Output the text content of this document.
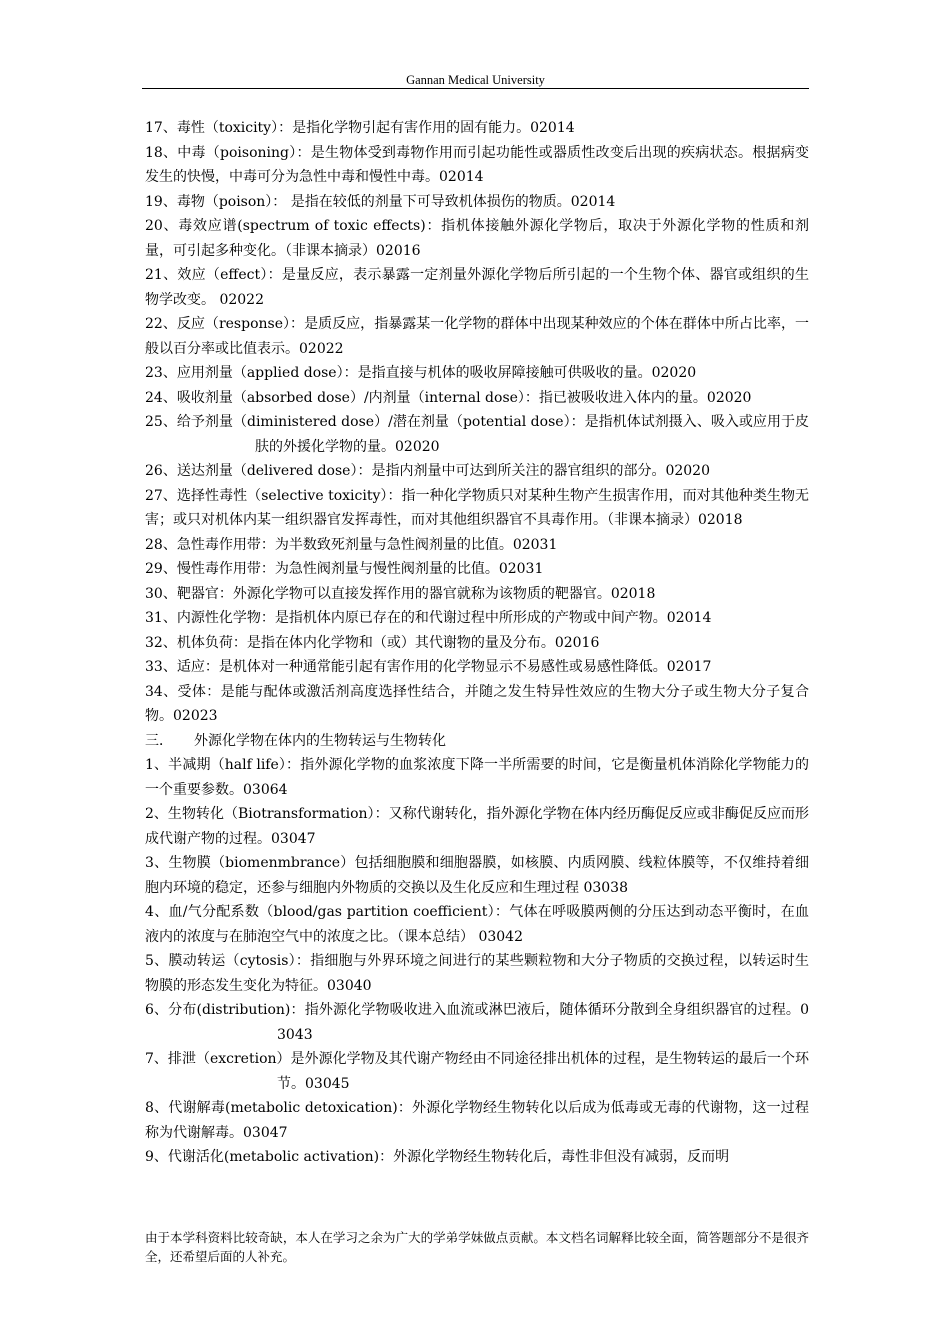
Gannan Medical University

17、毒性（toxicity）：是指化学物引起有害作用的固有能力。02014

18、中毒（poisoning）：是生物体受到毒物作用而引起功能性或器质性改变后出现的疾病状态。根据病变发生的快慢，中毒可分为急性中毒和慢性中毒。02014

19、毒物（poison）： 是指在较低的剂量下可导致机体损伤的物质。02014

20、毒效应谱(spectrum of toxic effects)：指机体接触外源化学物后，取决于外源化学物的性质和剂量，可引起多种变化。（非课本摘录）02016

21、效应（effect）：是量反应，表示暴露一定剂量外源化学物后所引起的一个生物个体、器官或组织的生物学改变。 02022

22、反应（response）：是质反应，指暴露某一化学物的群体中出现某种效应的个体在群体中所占比率，一般以百分率或比值表示。02022

23、应用剂量（applied dose）：是指直接与机体的吸收屏障接触可供吸收的量。02020

24、吸收剂量（absorbed dose）/内剂量（internal dose）：指已被吸收进入体内的量。02020

25、给予剂量（diministered dose）/潜在剂量（potential dose）：是指机体试剂摄入、吸入或应用于皮肤的外援化学物的量。02020

26、送达剂量（delivered dose）：是指内剂量中可达到所关注的器官组织的部分。02020

27、选择性毒性（selective toxicity）：指一种化学物质只对某种生物产生损害作用，而对其他种类生物无害；或只对机体内某一组织器官发挥毒性，而对其他组织器官不具毒作用。（非课本摘录）02018

28、急性毒作用带：为半数致死剂量与急性阀剂量的比值。02031

29、慢性毒作用带：为急性阀剂量与慢性阀剂量的比值。02031

30、靶器官：外源化学物可以直接发挥作用的器官就称为该物质的靶器官。02018

31、内源性化学物：是指机体内原已存在的和代谢过程中所形成的产物或中间产物。02014

32、机体负荷：是指在体内化学物和（或）其代谢物的量及分布。02016

33、适应：是机体对一种通常能引起有害作用的化学物显示不易感性或易感性降低。02017

34、受体：是能与配体或激活剂高度选择性结合，并随之发生特异性效应的生物大分子或生物大分子复合物。02023

三．　　外源化学物在体内的生物转运与生物转化

1、半减期（half life）：指外源化学物的血浆浓度下降一半所需要的时间，它是衡量机体消除化学物能力的一个重要参数。03064

2、生物转化（Biotransformation）：又称代谢转化，指外源化学物在体内经历酶促反应或非酶促反应而形成代谢产物的过程。03047

3、生物膜（biomenmbrance）包括细胞膜和细胞器膜，如核膜、内质网膜、线粒体膜等，不仅维持着细胞内环境的稳定，还参与细胞内外物质的交换以及生化反应和生理过程 03038

4、血/气分配系数（blood/gas partition coefficient）：气体在呼吸膜两侧的分压达到动态平衡时，在血液内的浓度与在肺泡空气中的浓度之比。（课本总结） 03042

5、膜动转运（cytosis）：指细胞与外界环境之间进行的某些颗粒物和大分子物质的交换过程，以转运时生物膜的形态发生变化为特征。03040

6、分布(distribution)：指外源化学物吸收进入血流或淋巴液后，随体循环分散到全身组织器官的过程。03043

7、排泄（excretion）是外源化学物及其代谢产物经由不同途径排出机体的过程，是生物转运的最后一个环节。03045

8、代谢解毒(metabolic detoxication)：外源化学物经生物转化以后成为低毒或无毒的代谢物，这一过程称为代谢解毒。03047

9、代谢活化(metabolic activation)：外源化学物经生物转化后，毒性非但没有减弱，反而明

由于本学科资料比较奇缺，本人在学习之余为广大的学弟学妹做点贡献。本文档名词解释比较全面，简答题部分不是很齐全，还希望后面的人补充。
